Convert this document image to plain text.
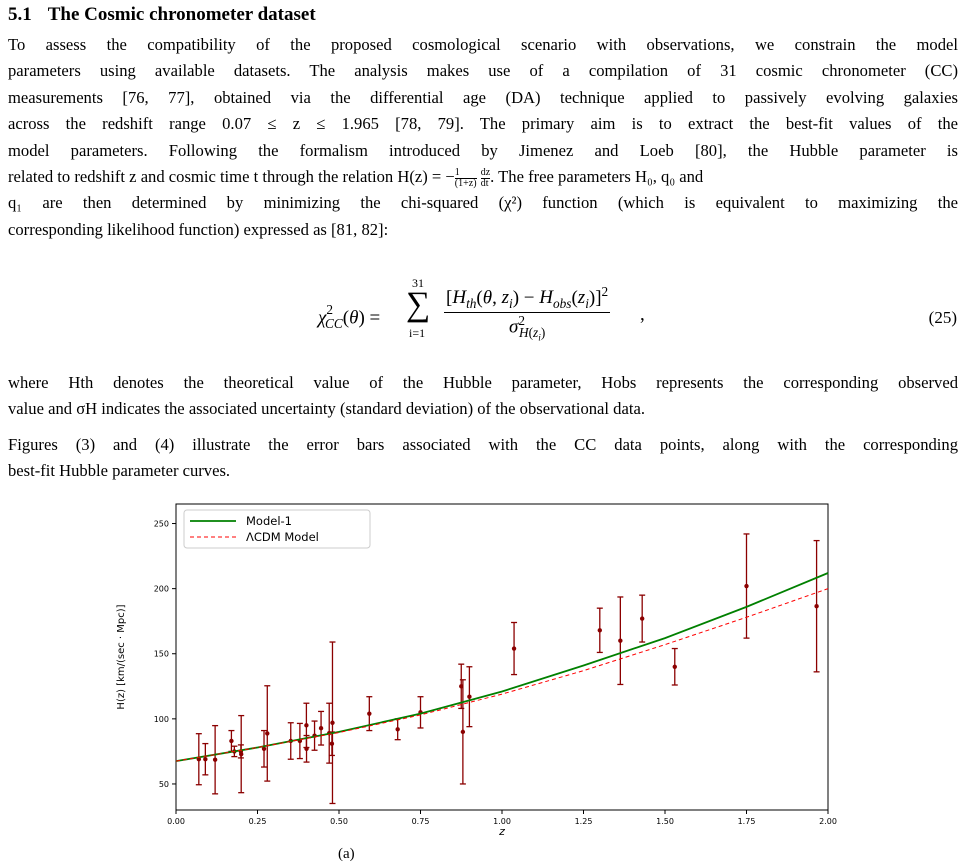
5.1 The Cosmic chronometer dataset
To assess the compatibility of the proposed cosmological scenario with observations, we constrain the model
parameters using available datasets. The analysis makes use of a compilation of 31 cosmic chronometer (CC)
measurements [76, 77], obtained via the differential age (DA) technique applied to passively evolving galaxies
across the redshift range 0.07 ≤ z ≤ 1.965 [78, 79]. The primary aim is to extract the best-fit values of the
model parameters. Following the formalism introduced by Jimenez and Loeb [80], the Hubble parameter is
related to redshift z and cosmic time t through the relation H(z) = − $\frac{1}{(1+z)} \frac{dz}{dt}$. The free parameters H₀, q₀ and
q₁ are then determined by minimizing the chi-squared (χ²) function (which is equivalent to maximizing the
corresponding likelihood function) expressed as [81, 82]:
$\chi^2_{CC}(\theta)$ =
31
∑
i=1
[$H_{th}(\theta$, $z_i) - H_{obs}(z_i)]^2$
$\sigma^2_{H(z_i)}$
,	(25)
where Hth denotes the theoretical value of the Hubble parameter, Hobs represents the corresponding observed
value and σH indicates the associated uncertainty (standard deviation) of the observational data.
Figures (3) and (4) illustrate the error bars associated with the CC data points, along with the corresponding
best-fit Hubble parameter curves.
0.00	0.25	0.50	0.75	1.00	1.25	1.50	1.75	2.00
50
100
150
200
250
z
H(z) [km/(sec · Mpc)]
Model-1
ΛCDM Model
(a)
